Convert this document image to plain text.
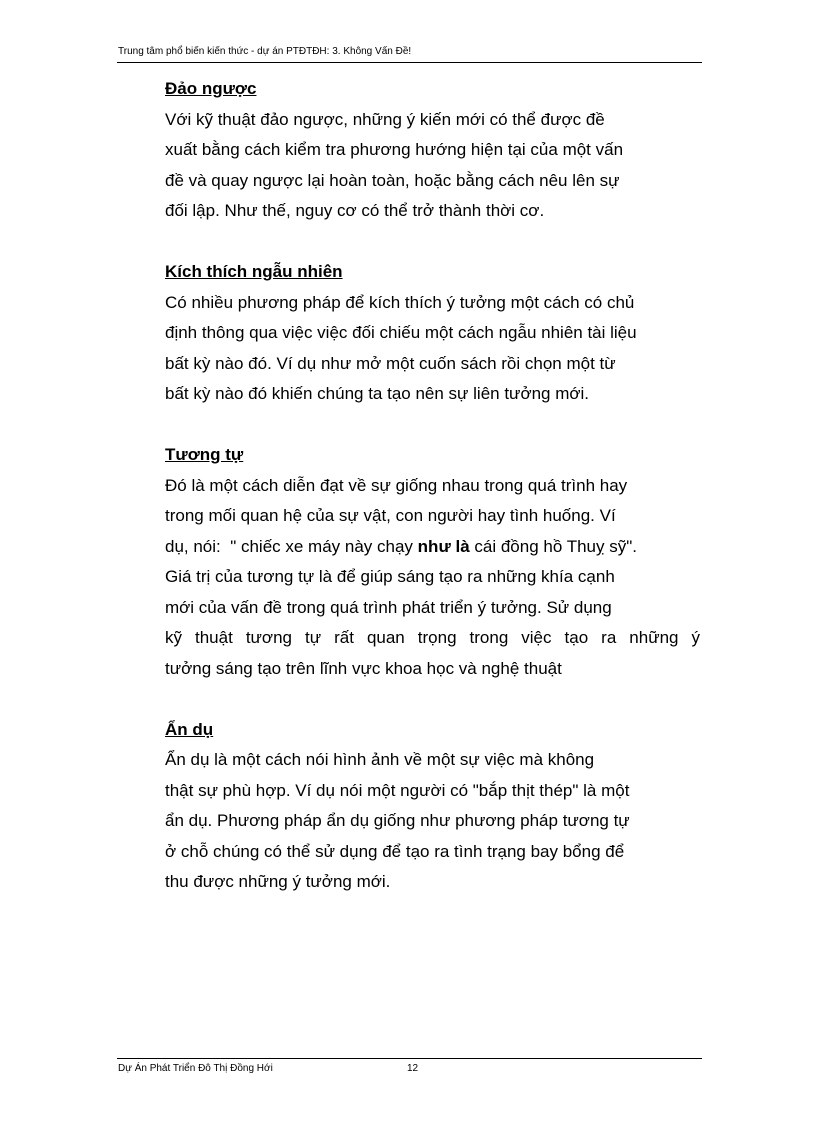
Trung tâm phổ biến kiến thức - dự án PTĐTĐH: 3. Không Vấn Đề!

Đảo ngược

Với kỹ thuật đảo ngược, những ý kiến mới có thể được đề

xuất bằng cách kiểm tra phương hướng hiện tại của một vấn

đề và quay ngược lại hoàn toàn, hoặc bằng cách nêu lên sự

đối lập. Như thế, nguy cơ có thể trở thành thời cơ.

Kích thích ngẫu nhiên

Có nhiều phương pháp để kích thích ý tưởng một cách có chủ

định thông qua việc việc đối chiếu một cách ngẫu nhiên tài liệu

bất kỳ nào đó. Ví dụ như mở một cuốn sách rồi chọn một từ

bất kỳ nào đó khiến chúng ta tạo nên sự liên tưởng mới.

Tương tự

Đó là một cách diễn đạt về sự giống nhau trong quá trình hay

trong mối quan hệ của sự vật, con người hay tình huống. Ví

dụ, nói:  " chiếc xe máy này chạy như là cái đồng hồ Thuỵ sỹ".

Giá trị của tương tự là để giúp sáng tạo ra những khía cạnh

mới của vấn đề trong quá trình phát triển ý tưởng. Sử dụng

kỹ thuật tương tự rất quan trọng trong việc tạo ra những ý

tưởng sáng tạo trên lĩnh vực khoa học và nghệ thuật

Ẩn dụ

Ẩn dụ là một cách nói hình ảnh về một sự việc mà không

thật sự phù hợp. Ví dụ nói một người có "bắp thịt thép" là một

ẩn dụ. Phương pháp ẩn dụ giống như phương pháp tương tự

ở chỗ chúng có thể sử dụng để tạo ra tình trạng bay bổng để

thu được những ý tưởng mới.

Dự Án Phát Triển Đô Thị Đồng Hới	12
